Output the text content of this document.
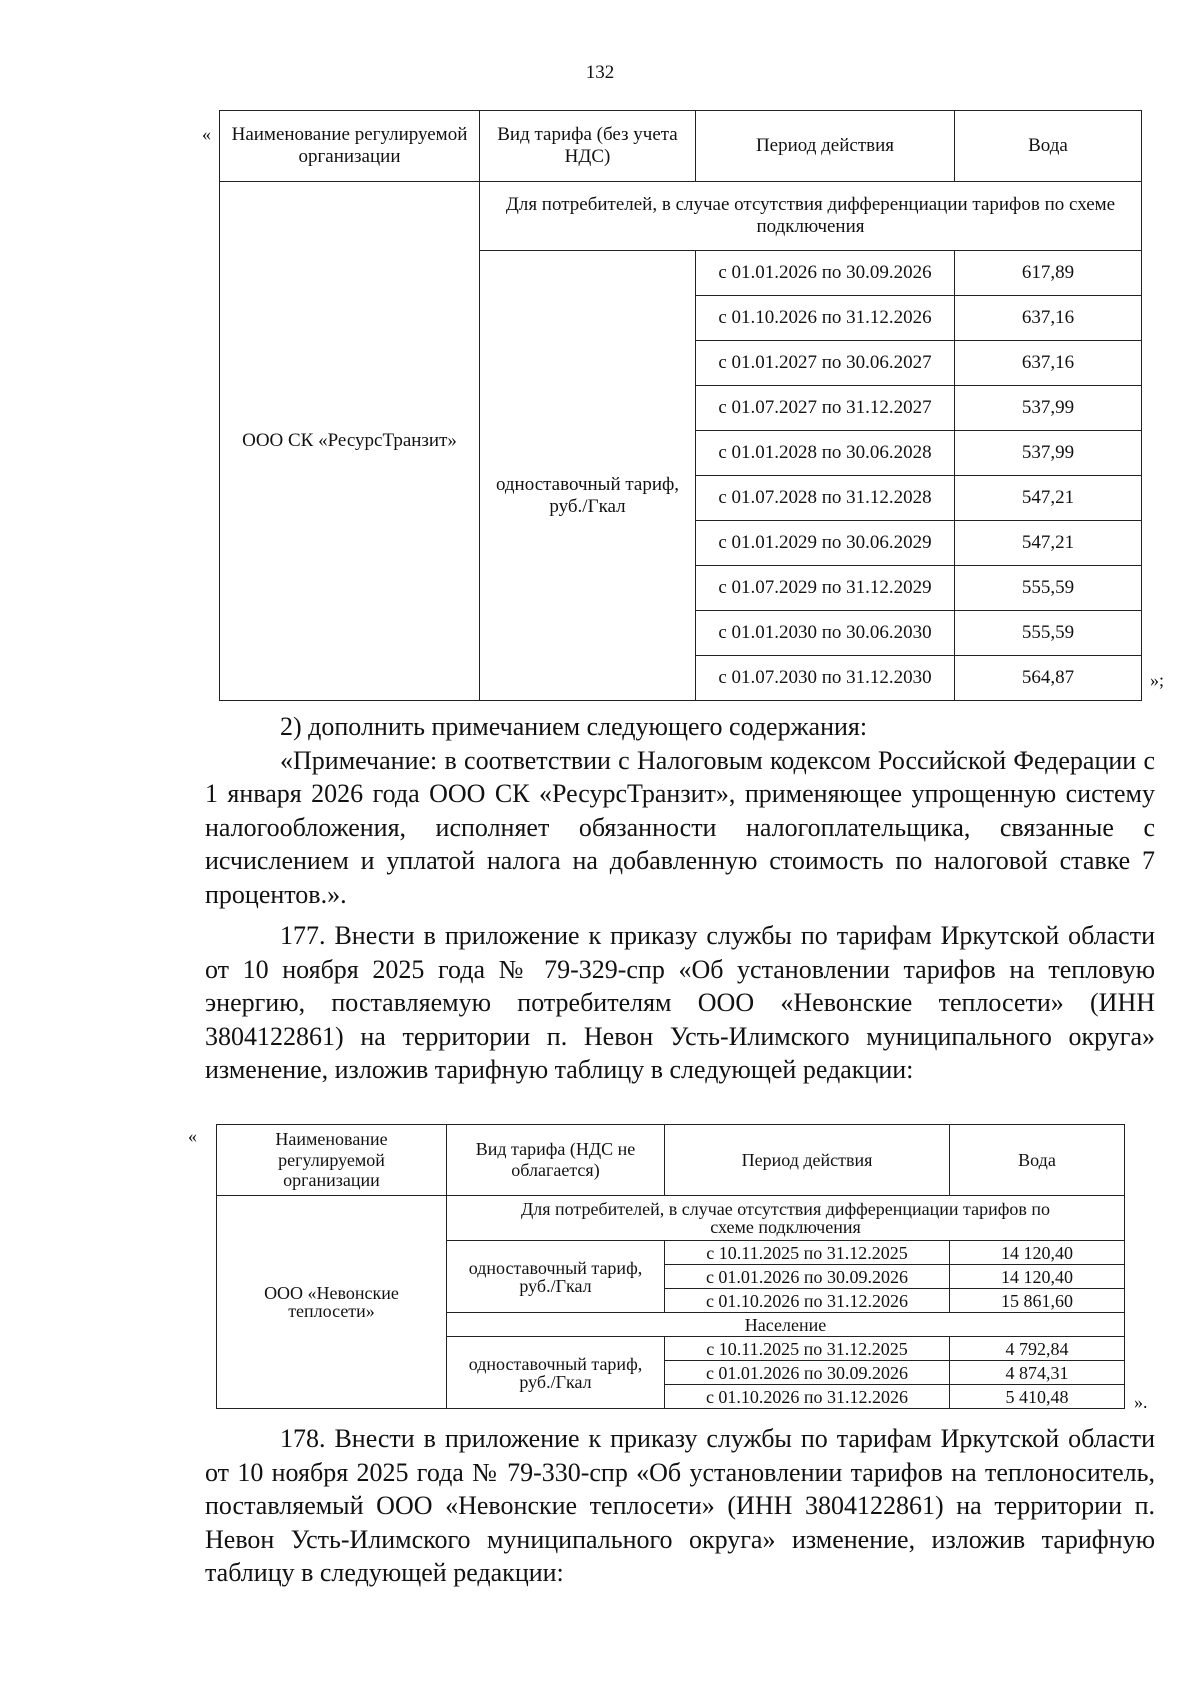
132
« Наименование регулируемой организации	Вид тарифа (без учета НДС)	Период действия	Вода
ООО СК «РесурсТранзит»	Для потребителей, в случае отсутствия дифференциации тарифов по схеме подключения		
	одноставочный тариф, руб./Гкал	с 01.01.2026 по 30.09.2026	617,89
		с 01.10.2026 по 31.12.2026	637,16
		с 01.01.2027 по 30.06.2027	637,16
		с 01.07.2027 по 31.12.2027	537,99
		с 01.01.2028 по 30.06.2028	537,99
		с 01.07.2028 по 31.12.2028	547,21
		с 01.01.2029 по 30.06.2029	547,21
		с 01.07.2029 по 31.12.2029	555,59
		с 01.01.2030 по 30.06.2030	555,59
		с 01.07.2030 по 31.12.2030	564,87	»;

2) дополнить примечанием следующего содержания:

«Примечание: в соответствии с Налоговым кодексом Российской Федерации с 1 января 2026 года ООО СК «РесурсТранзит», применяющее упрощенную систему налогообложения, исполняет обязанности налогоплательщика, связанные с исчислением и уплатой налога на добавленную стоимость по налоговой ставке 7 процентов.».

177. Внести в приложение к приказу службы по тарифам Иркутской области от 10 ноября 2025 года № 79-329-спр «Об установлении тарифов на тепловую энергию, поставляемую потребителям ООО «Невонские теплосети» (ИНН 3804122861) на территории п. Невон Усть-Илимского муниципального округа» изменение, изложив тарифную таблицу в следующей редакции:

«	Наименование регулируемой организации	Вид тарифа (НДС не облагается)	Период действия	Вода
ООО «Невонские теплосети»	Для потребителей, в случае отсутствия дифференциации тарифов по схеме подключения		
	одноставочный тариф, руб./Гкал	с 10.11.2025 по 31.12.2025	14 120,40
		с 01.01.2026 по 30.09.2026	14 120,40
		с 01.10.2026 по 31.12.2026	15 861,60
	Население		
	одноставочный тариф, руб./Гкал	с 10.11.2025 по 31.12.2025	4 792,84
		с 01.01.2026 по 30.09.2026	4 874,31
		с 01.10.2026 по 31.12.2026	5 410,48	».

178. Внести в приложение к приказу службы по тарифам Иркутской области от 10 ноября 2025 года № 79-330-спр «Об установлении тарифов на теплоноситель, поставляемый ООО «Невонские теплосети» (ИНН 3804122861) на территории п. Невон Усть-Илимского муниципального округа» изменение, изложив тарифную таблицу в следующей редакции:
